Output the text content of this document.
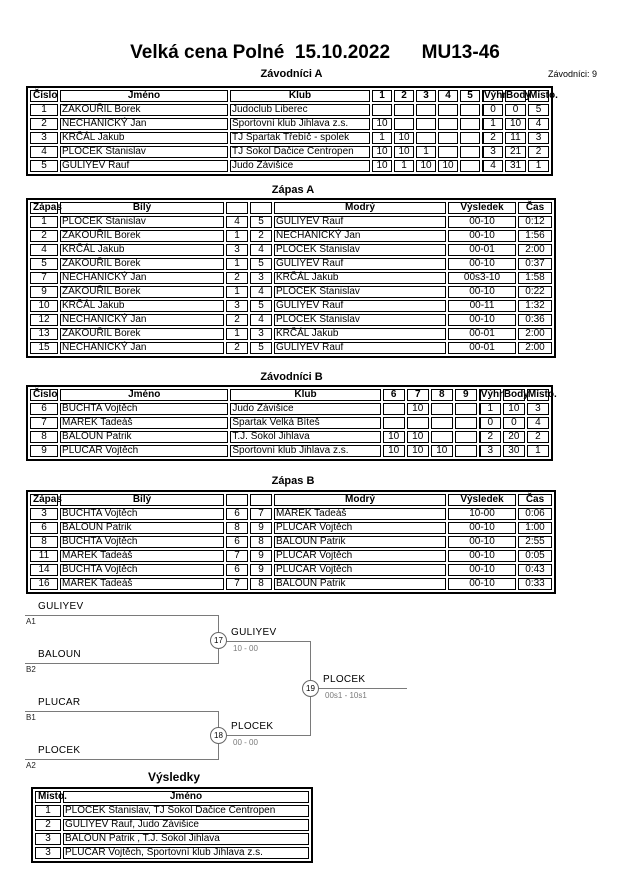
Velká cena Polné  15.10.2022      MU13-46
Závodníci A	Závodníci: 9
Číslo	Jméno	Klub	1	2	3	4	5	Výhr	Body	Místo.
1	ZAKOUŘIL Borek	Judoclub Liberec						0	0	5
2	NECHANICKÝ Jan	Sportovní klub Jihlava z.s.	10					1	10	4
3	KRČÁL Jakub	TJ Spartak Třebíč - spolek	1	10				2	11	3
4	PLOCEK Stanislav	TJ Sokol Dačice Centropen	10	10	1			3	21	2
5	GULIYEV Rauf	Judo Závišice	10	1	10	10		4	31	1
Zápas A
Zápas	Bílý			Modrý	Výsledek	Čas
1	PLOCEK Stanislav	4	5	GULIYEV Rauf	00-10	0:12
2	ZAKOUŘIL Borek	1	2	NECHANICKÝ Jan	00-10	1:56
4	KRČÁL Jakub	3	4	PLOCEK Stanislav	00-01	2:00
5	ZAKOUŘIL Borek	1	5	GULIYEV Rauf	00-10	0:37
7	NECHANICKÝ Jan	2	3	KRČÁL Jakub	00s3-10	1:58
9	ZAKOUŘIL Borek	1	4	PLOCEK Stanislav	00-10	0:22
10	KRČÁL Jakub	3	5	GULIYEV Rauf	00-11	1:32
12	NECHANICKÝ Jan	2	4	PLOCEK Stanislav	00-10	0:36
13	ZAKOUŘIL Borek	1	3	KRČÁL Jakub	00-01	2:00
15	NECHANICKÝ Jan	2	5	GULIYEV Rauf	00-01	2:00
Závodníci B
Číslo	Jméno	Klub	6	7	8	9	Výhr	Body	Místo.
6	BUCHTA Vojtěch	Judo Závišice		10			1	10	3
7	MAREK Tadeáš	Spartak Velká Bíteš					0	0	4
8	BALOUN Patrik	T.J. Sokol Jihlava	10	10			2	20	2
9	PLUCAR Vojtěch	Sportovní klub Jihlava z.s.	10	10	10		3	30	1
Zápas B
Zápas	Bílý			Modrý	Výsledek	Čas
3	BUCHTA Vojtěch	6	7	MAREK Tadeáš	10-00	0:06
6	BALOUN Patrik	8	9	PLUCAR Vojtěch	00-10	1:00
8	BUCHTA Vojtěch	6	8	BALOUN Patrik	00-10	2:55
11	MAREK Tadeáš	7	9	PLUCAR Vojtěch	00-10	0:05
14	BUCHTA Vojtěch	6	9	PLUCAR Vojtěch	00-10	0:43
16	MAREK Tadeáš	7	8	BALOUN Patrik	00-10	0:33
GULIYEV
A1
BALOUN
B2
17
GULIYEV
10 - 00
PLUCAR
B1
PLOCEK
A2
18
PLOCEK
00 - 00
19
PLOCEK
00s1 - 10s1
Výsledky
Místo.	Jméno
1	PLOCEK Stanislav, TJ Sokol Dačice Centropen
2	GULIYEV Rauf, Judo Závišice
3	BALOUN Patrik , T.J. Sokol Jihlava
3	PLUCAR Vojtěch, Sportovní klub Jihlava z.s.
